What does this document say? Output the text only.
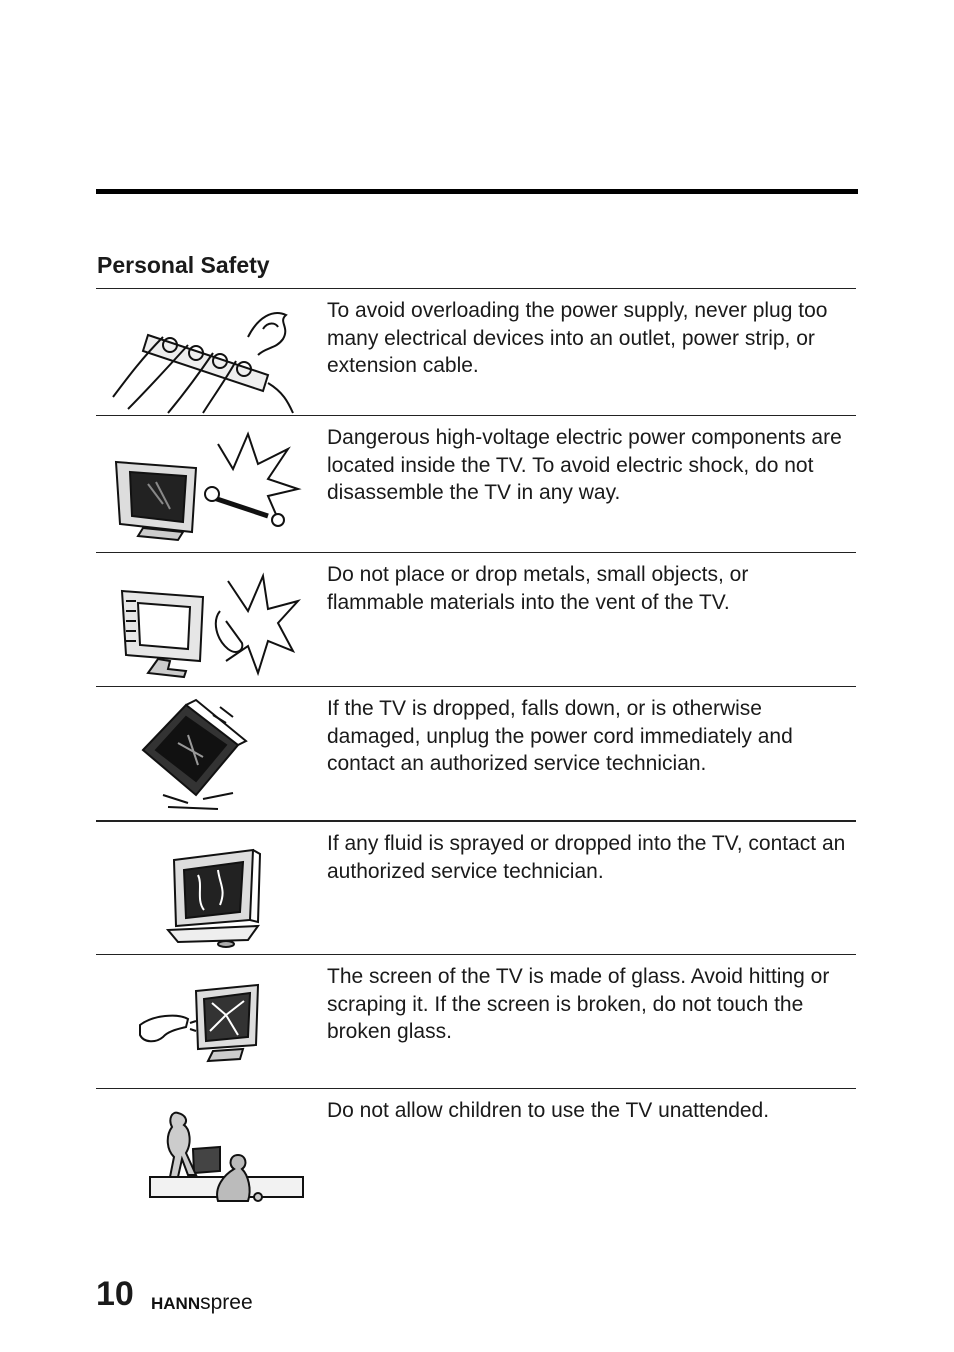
Personal Safety

To avoid overloading the power supply, never plug too many electrical devices into an outlet, power strip, or extension cable.

Dangerous high-voltage electric power components are located inside the TV. To avoid electric shock, do not disassemble the TV in any way.

Do not place or drop metals, small objects, or flammable materials into the vent of the TV.

If the TV is dropped, falls down, or is otherwise damaged, unplug the power cord immediately and contact an authorized service technician.

If any fluid is sprayed or dropped into the TV, contact an authorized service technician.

The screen of the TV is made of glass. Avoid hitting or scraping it. If the screen is broken, do not touch the broken glass.

Do not allow children to use the TV unattended.

10 HANNspree
